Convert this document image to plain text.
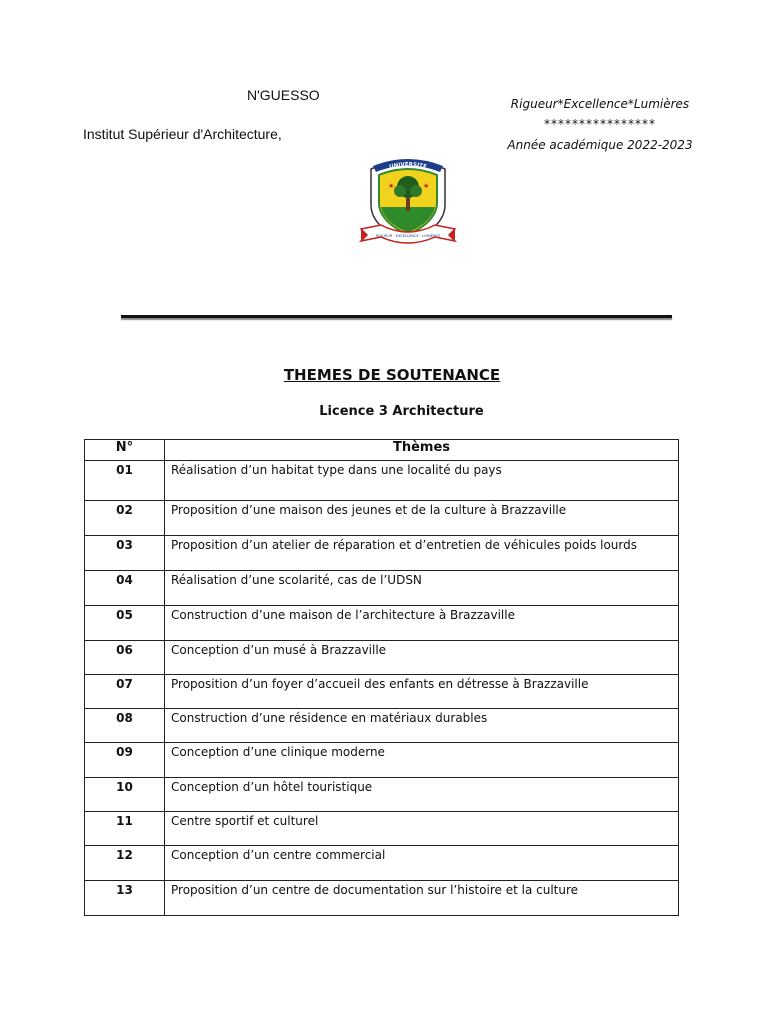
N'GUESSO
Institut Supérieur d'Architecture,
Rigueur*Excellence*Lumières
****************
Année académique 2022-2023
★	★
UNIVERSITE
RIGUEUR · EXCELLENCE · LUMIERES
THEMES DE SOUTENANCE
Licence 3 Architecture
N°	Thèmes
01	Réalisation d’un habitat type dans une localité du pays
02	Proposition d’une maison des jeunes et de la culture à Brazzaville
03	Proposition d’un atelier de réparation et d’entretien de véhicules poids lourds
04	Réalisation d’une scolarité, cas de l’UDSN
05	Construction d’une maison de l’architecture à Brazzaville
06	Conception d’un musé à Brazzaville
07	Proposition d’un foyer d’accueil des enfants en détresse à Brazzaville
08	Construction d’une résidence en matériaux durables
09	Conception d’une clinique moderne
10	Conception d’un hôtel touristique
11	Centre sportif et culturel
12	Conception d’un centre commercial
13	Proposition d’un centre de documentation sur l’histoire et la culture
